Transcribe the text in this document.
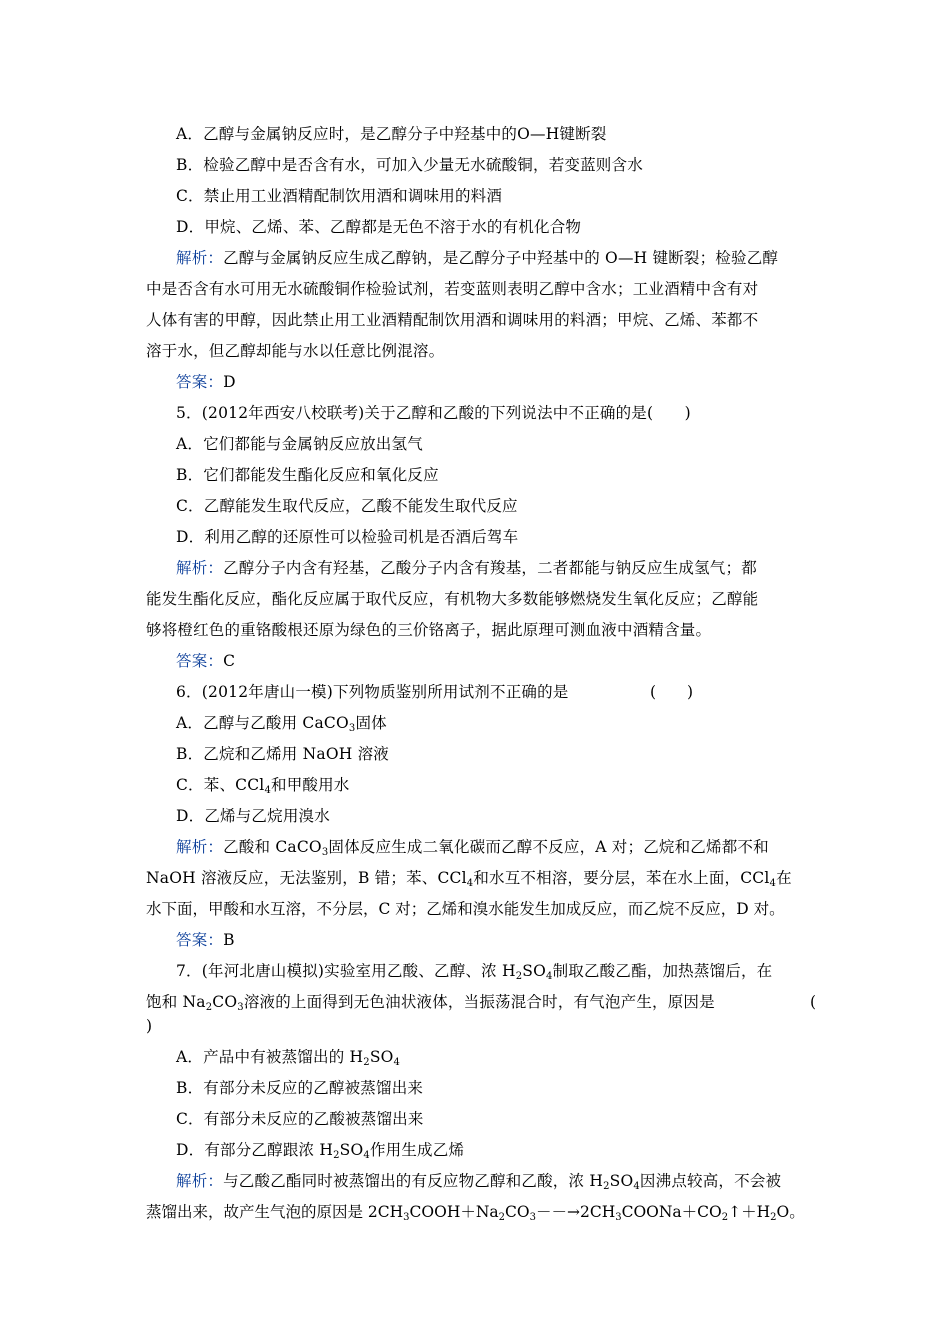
A．乙醇与金属钠反应时，是乙醇分子中羟基中的O—H键断裂
B．检验乙醇中是否含有水，可加入少量无水硫酸铜，若变蓝则含水
C．禁止用工业酒精配制饮用酒和调味用的料酒
D．甲烷、乙烯、苯、乙醇都是无色不溶于水的有机化合物
解析：乙醇与金属钠反应生成乙醇钠，是乙醇分子中羟基中的 O—H 键断裂；检验乙醇
中是否含有水可用无水硫酸铜作检验试剂，若变蓝则表明乙醇中含水；工业酒精中含有对
人体有害的甲醇，因此禁止用工业酒精配制饮用酒和调味用的料酒；甲烷、乙烯、苯都不
溶于水，但乙醇却能与水以任意比例混溶。
答案：D
5．(2012年西安八校联考)关于乙醇和乙酸的下列说法中不正确的是(　　)
A．它们都能与金属钠反应放出氢气
B．它们都能发生酯化反应和氧化反应
C．乙醇能发生取代反应，乙酸不能发生取代反应
D．利用乙醇的还原性可以检验司机是否酒后驾车
解析：乙醇分子内含有羟基，乙酸分子内含有羧基，二者都能与钠反应生成氢气；都
能发生酯化反应，酯化反应属于取代反应，有机物大多数能够燃烧发生氧化反应；乙醇能
够将橙红色的重铬酸根还原为绿色的三价铬离子，据此原理可测血液中酒精含量。
答案：C
6．(2012年唐山一模)下列物质鉴别所用试剂不正确的是	(　　)
A．乙醇与乙酸用 CaCO$_3$固体
B．乙烷和乙烯用 NaOH 溶液
C．苯、CCl$_4$和甲酸用水
D．乙烯与乙烷用溴水
解析：乙酸和 CaCO$_3$固体反应生成二氧化碳而乙醇不反应，A 对；乙烷和乙烯都不和
NaOH 溶液反应，无法鉴别，B 错；苯、CCl$_4$和水互不相溶，要分层，苯在水上面，CCl$_4$在
水下面，甲酸和水互溶，不分层，C 对；乙烯和溴水能发生加成反应，而乙烷不反应，D 对。
答案：B
7．(年河北唐山模拟)实验室用乙酸、乙醇、浓 $H_2SO_4$制取乙酸乙酯，加热蒸馏后，在
饱和 $Na_2CO_3$溶液的上面得到无色油状液体，当振荡混合时，有气泡产生，原因是	(
)
A．产品中有被蒸馏出的 $H_2SO_4$
B．有部分未反应的乙醇被蒸馏出来
C．有部分未反应的乙酸被蒸馏出来
D．有部分乙醇跟浓 $H_2SO_4$作用生成乙烯
解析：与乙酸乙酯同时被蒸馏出的有反应物乙醇和乙酸，浓 $H_2SO_4$因沸点较高，不会被
蒸馏出来，故产生气泡的原因是 $2CH_3COOH+Na_2CO_3--\to 2CH_3COONa+CO_2↑+H_2O$。
